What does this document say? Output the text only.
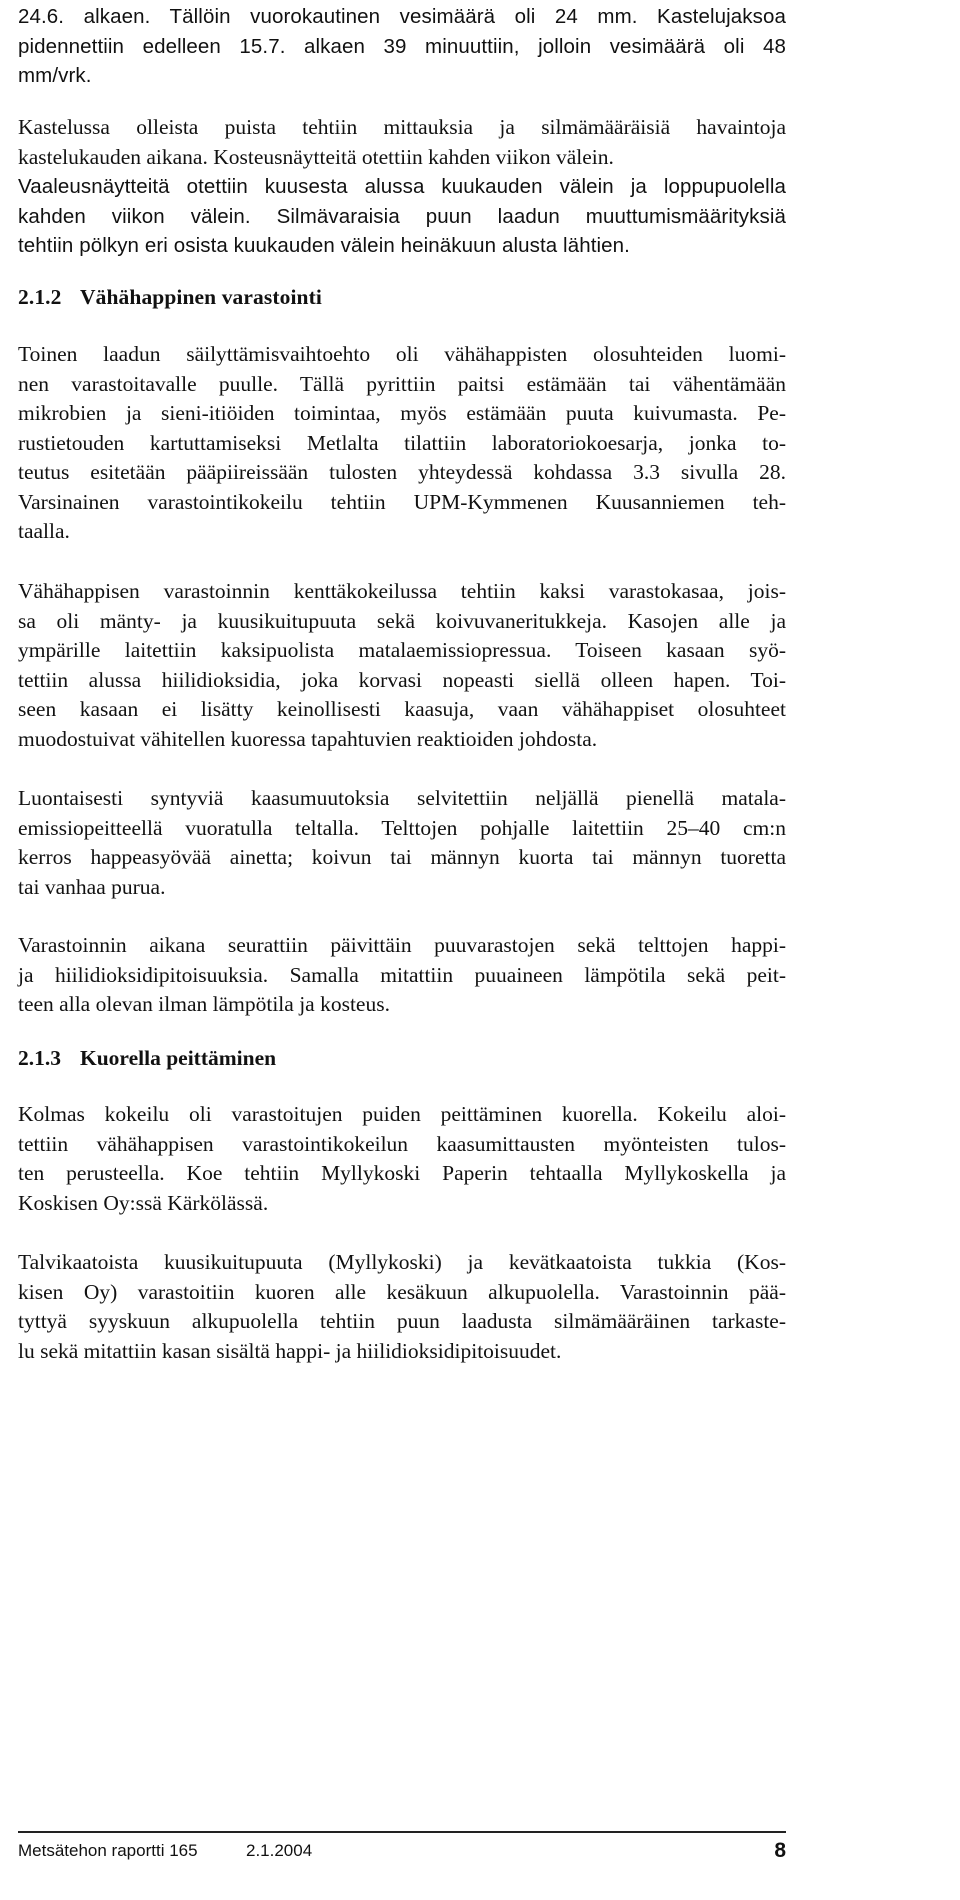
24.6. alkaen. Tällöin vuorokautinen vesimäärä oli 24 mm. Kastelujaksoa
pidennettiin edelleen 15.7. alkaen 39 minuuttiin, jolloin vesimäärä oli 48
mm/vrk.

Kastelussa olleista puista tehtiin mittauksia ja silmämääräisiä havaintoja
kastelukauden aikana. Kosteusnäytteitä otettiin kahden viikon välein.
Vaaleusnäytteitä otettiin kuusesta alussa kuukauden välein ja loppupuolella
kahden viikon välein. Silmävaraisia puun laadun muuttumismäärityksiä
tehtiin pölkyn eri osista kuukauden välein heinäkuun alusta lähtien.

2.1.2 Vähähappinen varastointi

Toinen laadun säilyttämisvaihtoehto oli vähähappisten olosuhteiden luomi-
nen varastoitavalle puulle. Tällä pyrittiin paitsi estämään tai vähentämään
mikrobien ja sieni-itiöiden toimintaa, myös estämään puuta kuivumasta. Pe-
rustietouden kartuttamiseksi Metlalta tilattiin laboratoriokoesarja, jonka to-
teutus esitetään pääpiireissään tulosten yhteydessä kohdassa 3.3 sivulla 28.
Varsinainen varastointikokeilu tehtiin UPM-Kymmenen Kuusanniemen teh-
taalla.

Vähähappisen varastoinnin kenttäkokeilussa tehtiin kaksi varastokasaa, jois-
sa oli mänty- ja kuusikuitupuuta sekä koivuvaneritukkeja. Kasojen alle ja
ympärille laitettiin kaksipuolista matalaemissiopressua. Toiseen kasaan syö-
tettiin alussa hiilidioksidia, joka korvasi nopeasti siellä olleen hapen. Toi-
seen kasaan ei lisätty keinollisesti kaasuja, vaan vähähappiset olosuhteet
muodostuivat vähitellen kuoressa tapahtuvien reaktioiden johdosta.

Luontaisesti syntyviä kaasumuutoksia selvitettiin neljällä pienellä matala-
emissiopeitteellä vuoratulla teltalla. Telttojen pohjalle laitettiin 25–40 cm:n
kerros happeasyövää ainetta; koivun tai männyn kuorta tai männyn tuoretta
tai vanhaa purua.

Varastoinnin aikana seurattiin päivittäin puuvarastojen sekä telttojen happi-
ja hiilidioksidipitoisuuksia. Samalla mitattiin puuaineen lämpötila sekä peit-
teen alla olevan ilman lämpötila ja kosteus.

2.1.3 Kuorella peittäminen

Kolmas kokeilu oli varastoitujen puiden peittäminen kuorella. Kokeilu aloi-
tettiin vähähappisen varastointikokeilun kaasumittausten myönteisten tulos-
ten perusteella. Koe tehtiin Myllykoski Paperin tehtaalla Myllykoskella ja
Koskisen Oy:ssä Kärkölässä.

Talvikaatoista kuusikuitupuuta (Myllykoski) ja kevätkaatoista tukkia (Kos-
kisen Oy) varastoitiin kuoren alle kesäkuun alkupuolella. Varastoinnin pää-
tyttyä syyskuun alkupuolella tehtiin puun laadusta silmämääräinen tarkaste-
lu sekä mitattiin kasan sisältä happi- ja hiilidioksidipitoisuudet.

Metsätehon raportti 165	2.1.2004	8
